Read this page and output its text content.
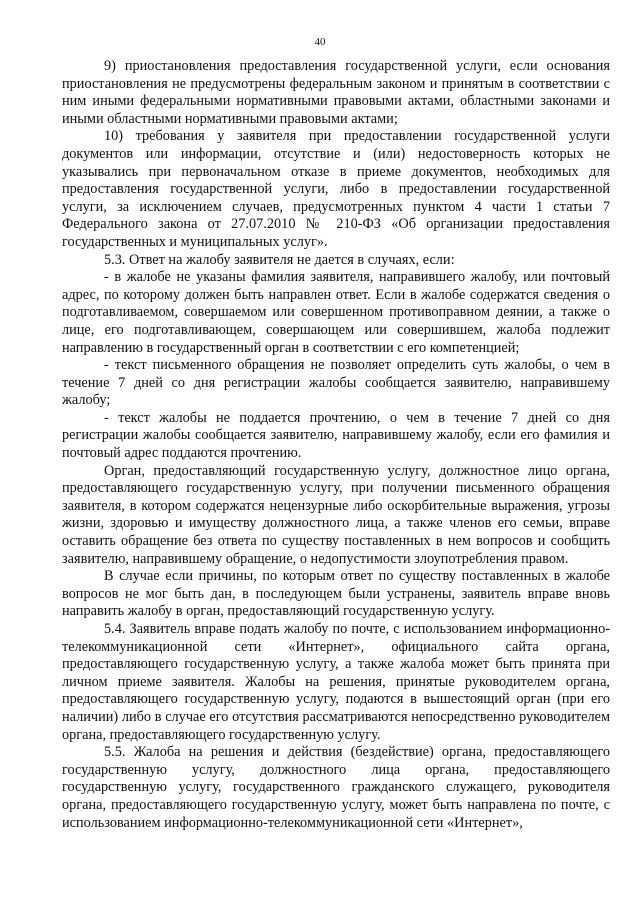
40

9) приостановления предоставления государственной услуги, если основания приостановления не предусмотрены федеральным законом и принятым в соответствии с ним иными федеральными нормативными правовыми актами, областными законами и иными областными нормативными правовыми актами;

10) требования у заявителя при предоставлении государственной услуги документов или информации, отсутствие и (или) недостоверность которых не указывались при первоначальном отказе в приеме документов, необходимых для предоставления государственной услуги, либо в предоставлении государственной услуги, за исключением случаев, предусмотренных пунктом 4 части 1 статьи 7 Федерального закона от 27.07.2010 № 210-ФЗ «Об организации предоставления государственных и муниципальных услуг».

5.3. Ответ на жалобу заявителя не дается в случаях, если:

- в жалобе не указаны фамилия заявителя, направившего жалобу, или почтовый адрес, по которому должен быть направлен ответ. Если в жалобе содержатся сведения о подготавливаемом, совершаемом или совершенном противоправном деянии, а также о лице, его подготавливающем, совершающем или совершившем, жалоба подлежит направлению в государственный орган в соответствии с его компетенцией;

- текст письменного обращения не позволяет определить суть жалобы, о чем в течение 7 дней со дня регистрации жалобы сообщается заявителю, направившему жалобу;

- текст жалобы не поддается прочтению, о чем в течение 7 дней со дня регистрации жалобы сообщается заявителю, направившему жалобу, если его фамилия и почтовый адрес поддаются прочтению.

Орган, предоставляющий государственную услугу, должностное лицо органа, предоставляющего государственную услугу, при получении письменного обращения заявителя, в котором содержатся нецензурные либо оскорбительные выражения, угрозы жизни, здоровью и имуществу должностного лица, а также членов его семьи, вправе оставить обращение без ответа по существу поставленных в нем вопросов и сообщить заявителю, направившему обращение, о недопустимости злоупотребления правом.

В случае если причины, по которым ответ по существу поставленных в жалобе вопросов не мог быть дан, в последующем были устранены, заявитель вправе вновь направить жалобу в орган, предоставляющий государственную услугу.

5.4. Заявитель вправе подать жалобу по почте, с использованием информационно-телекоммуникационной сети «Интернет», официального сайта органа, предоставляющего государственную услугу, а также жалоба может быть принята при личном приеме заявителя. Жалобы на решения, принятые руководителем органа, предоставляющего государственную услугу, подаются в вышестоящий орган (при его наличии) либо в случае его отсутствия рассматриваются непосредственно руководителем органа, предоставляющего государственную услугу.

5.5. Жалоба на решения и действия (бездействие) органа, предоставляющего государственную услугу, должностного лица органа, предоставляющего государственную услугу, государственного гражданского служащего, руководителя органа, предоставляющего государственную услугу, может быть направлена по почте, с использованием информационно-телекоммуникационной сети «Интернет»,
